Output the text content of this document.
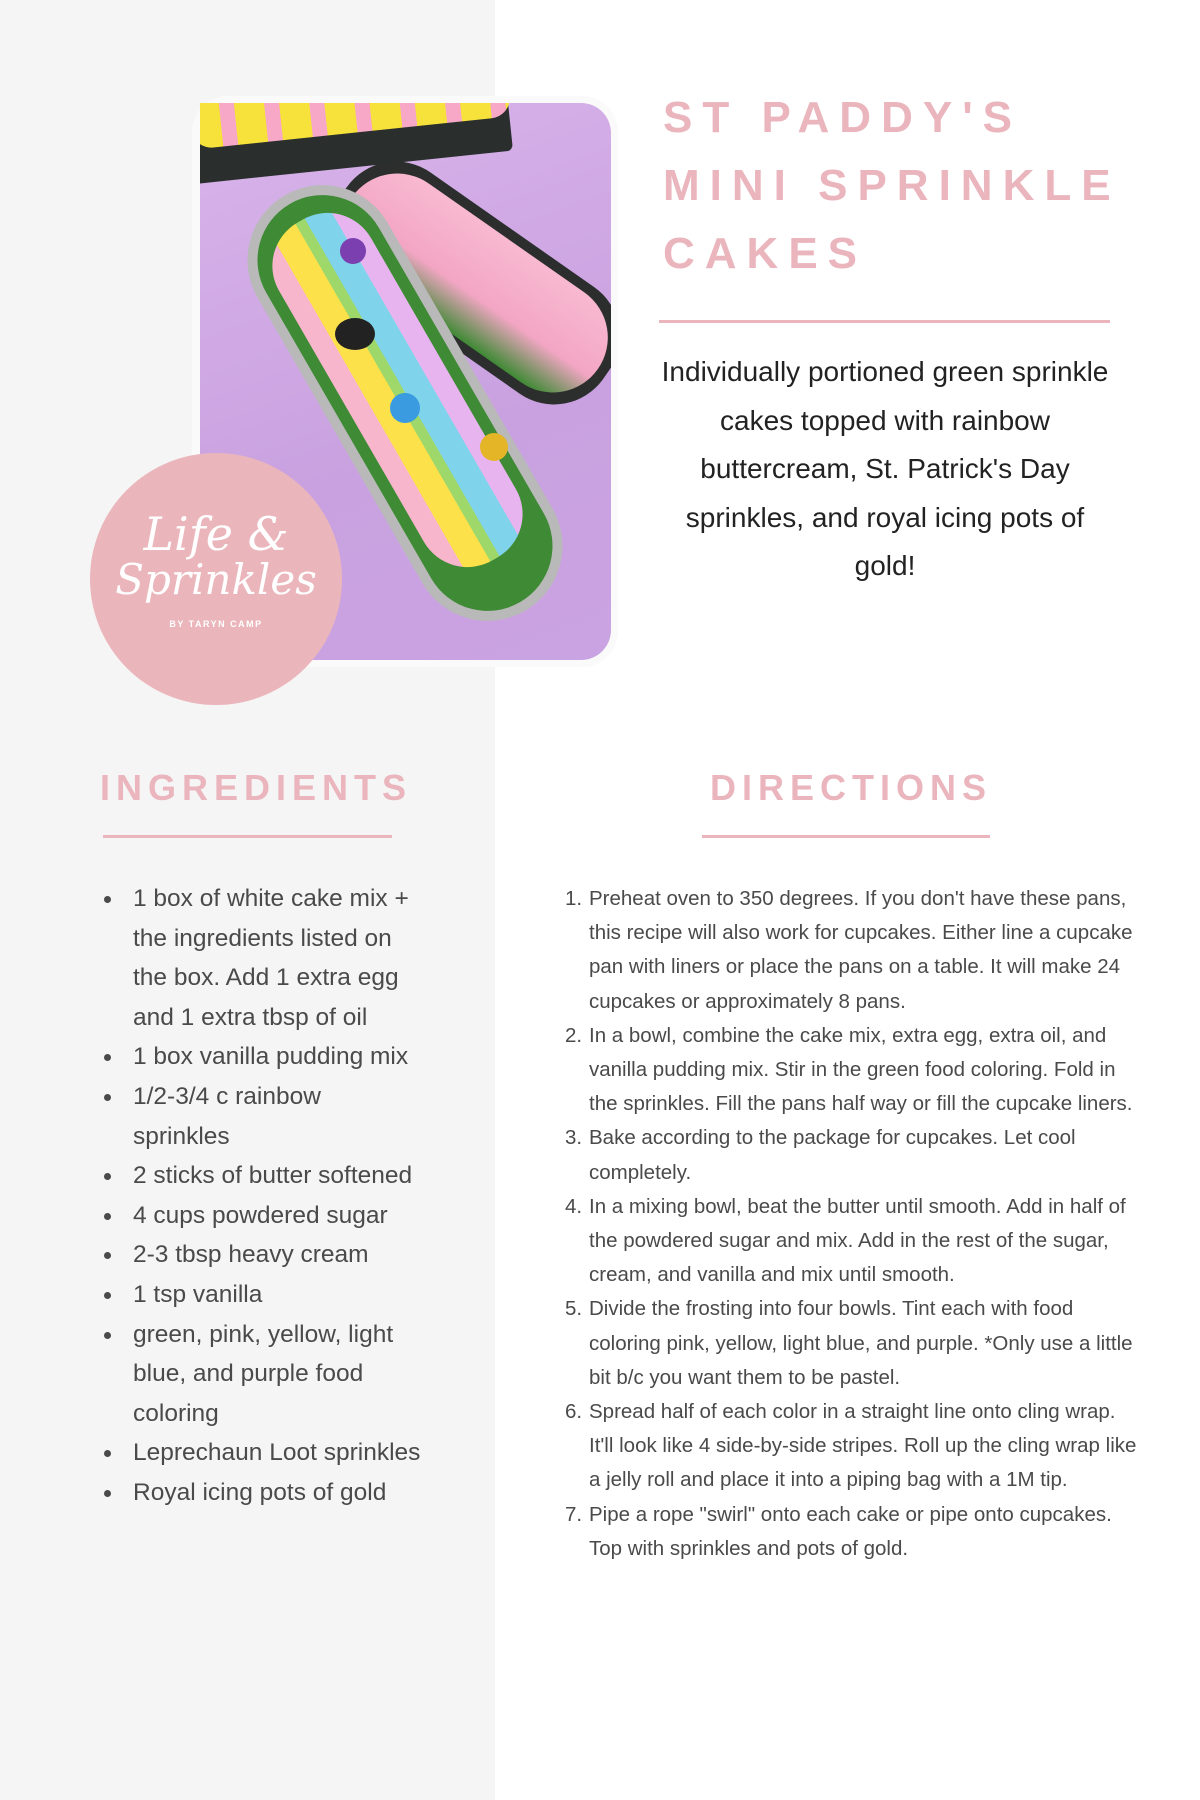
Life &
Sprinkles
BY TARYN CAMP
ST PADDY'S
MINI SPRINKLE
CAKES
Individually portioned green sprinkle cakes topped with rainbow buttercream, St. Patrick's Day sprinkles, and royal icing pots of gold!
INGREDIENTS
1 box of white cake mix + the ingredients listed on the box. Add 1 extra egg and 1 extra tbsp of oil
1 box vanilla pudding mix
1/2-3/4 c rainbow sprinkles
2 sticks of butter softened
4 cups powdered sugar
2-3 tbsp heavy cream
1 tsp vanilla
green, pink, yellow, light blue, and purple food coloring
Leprechaun Loot sprinkles
Royal icing pots of gold
DIRECTIONS
1. Preheat oven to 350 degrees. If you don't have these pans, this recipe will also work for cupcakes. Either line a cupcake pan with liners or place the pans on a table. It will make 24 cupcakes or approximately 8 pans.
2. In a bowl, combine the cake mix, extra egg, extra oil, and vanilla pudding mix. Stir in the green food coloring. Fold in the sprinkles. Fill the pans half way or fill the cupcake liners.
3. Bake according to the package for cupcakes. Let cool completely.
4. In a mixing bowl, beat the butter until smooth. Add in half of the powdered sugar and mix. Add in the rest of the sugar, cream, and vanilla and mix until smooth.
5. Divide the frosting into four bowls. Tint each with food coloring pink, yellow, light blue, and purple. *Only use a little bit b/c you want them to be pastel.
6. Spread half of each color in a straight line onto cling wrap. It'll look like 4 side-by-side stripes. Roll up the cling wrap like a jelly roll and place it into a piping bag with a 1M tip.
7. Pipe a rope "swirl" onto each cake or pipe onto cupcakes. Top with sprinkles and pots of gold.
